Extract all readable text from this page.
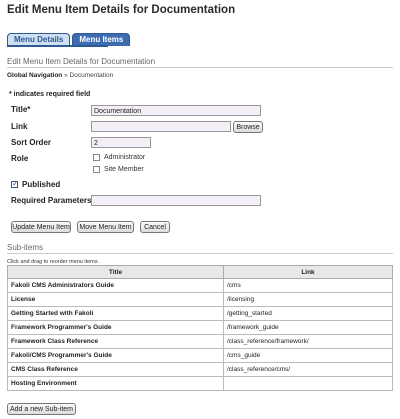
Edit Menu Item Details for Documentation
Menu Details	Menu Items
Edit Menu Item Details for Documentation
Global Navigation » Documentation
* indicates required field
Title*	Documentation
Link	Browse
Sort Order	2
Role	Administrator
Site Member
✓
Published
Required Parameters
Update Menu Item	Move Menu Item	Cancel
Sub-items
Click and drag to reorder menu items.
Title	Link
Fakoli CMS Administrators Guide	/cms
License	/licensing
Getting Started with Fakoli	/getting_started
Framework Programmer's Guide	/framework_guide
Framework Class Reference	/class_reference/framework/
Fakoli/CMS Programmer's Guide	/cms_guide
CMS Class Reference	/class_reference/cms/
Hosting Environment	
Add a new Sub-item
